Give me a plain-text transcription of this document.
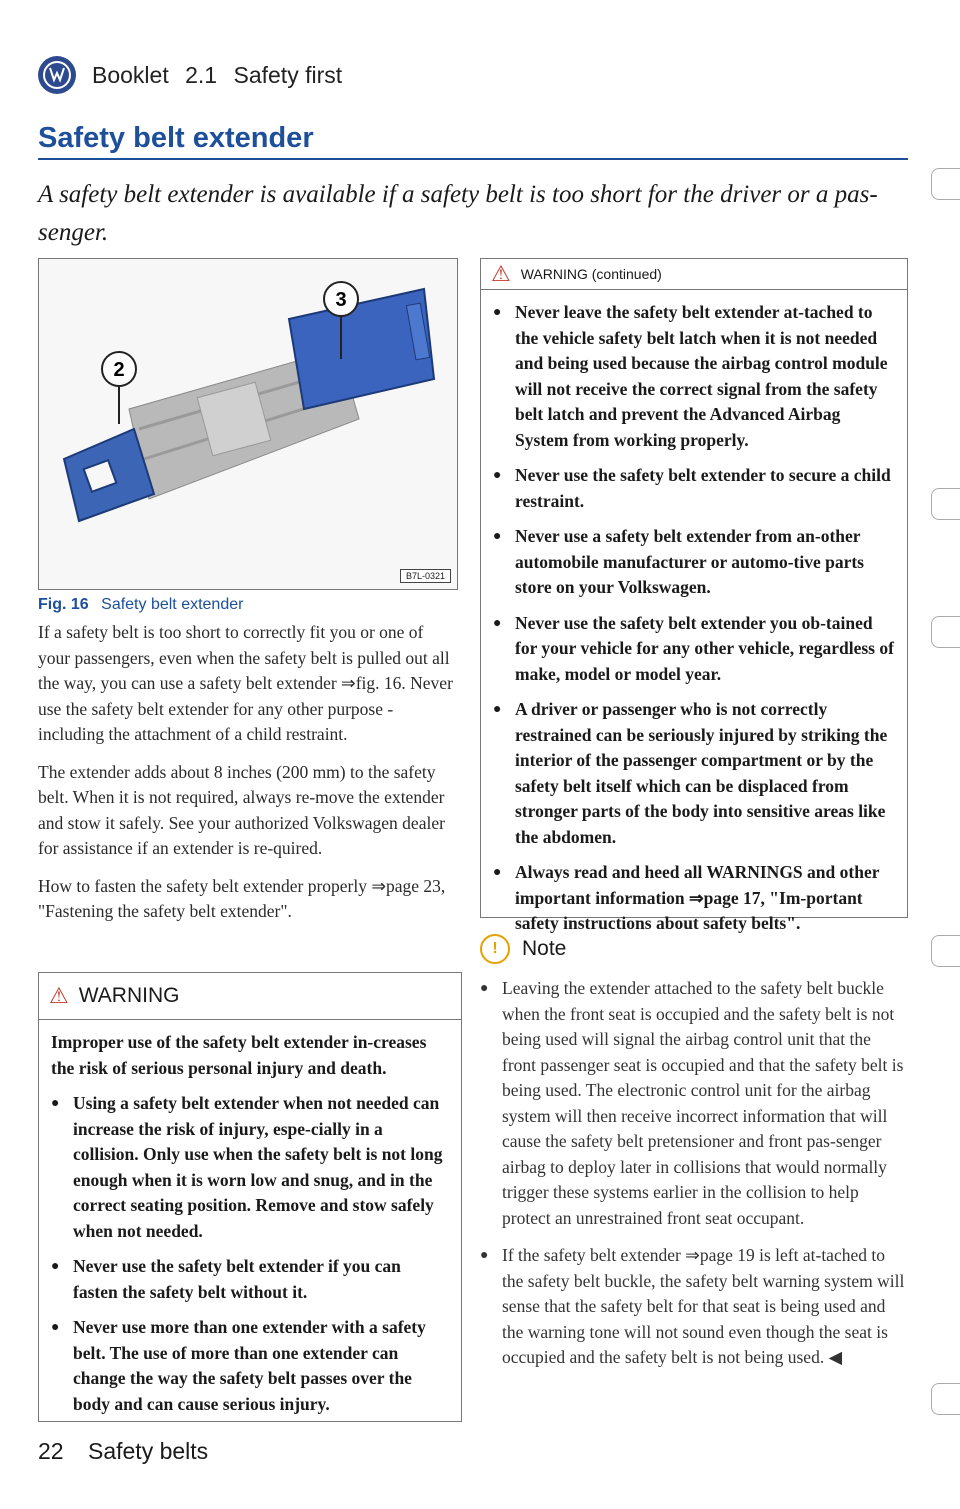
Booklet 2.1 Safety first
Safety belt extender
A safety belt extender is available if a safety belt is too short for the driver or a pas-senger.
2
3
B7L-0321
Fig. 16 Safety belt extender

If a safety belt is too short to correctly fit you or one of your passengers, even when the safety belt is pulled out all the way, you can use a safety belt extender ⇒fig. 16. Never use the safety belt extender for any other purpose - including the attachment of a child restraint.

The extender adds about 8 inches (200 mm) to the safety belt. When it is not required, always re-move the extender and stow it safely. See your authorized Volkswagen dealer for assistance if an extender is re-quired.

How to fasten the safety belt extender properly ⇒page 23, "Fastening the safety belt extender".

⚠ WARNING

Improper use of the safety belt extender in-creases the risk of serious personal injury and death.

● Using a safety belt extender when not needed can increase the risk of injury, espe-cially in a collision. Only use when the safety belt is not long enough when it is worn low and snug, and in the correct seating position. Remove and stow safely when not needed.

● Never use the safety belt extender if you can fasten the safety belt without it.

● Never use more than one extender with a safety belt. The use of more than one extender can change the way the safety belt passes over the body and can cause serious injury.

22 Safety belts
⚠ WARNING (continued)
● Never leave the safety belt extender at-tached to the vehicle safety belt latch when it is not needed and being used because the airbag control module will not receive the correct signal from the safety belt latch and prevent the Advanced Airbag System from working properly.

● Never use the safety belt extender to secure a child restraint.

● Never use a safety belt extender from an-other automobile manufacturer or automo-tive parts store on your Volkswagen.

● Never use the safety belt extender you ob-tained for your vehicle for any other vehicle, regardless of make, model or model year.

● A driver or passenger who is not correctly restrained can be seriously injured by striking the interior of the passenger compartment or by the safety belt itself which can be displaced from stronger parts of the body into sensitive areas like the abdomen.

● Always read and heed all WARNINGS and other important information ⇒page 17, "Im-portant safety instructions about safety belts".

!	Note
● Leaving the extender attached to the safety belt buckle when the front seat is occupied and the safety belt is not being used will signal the airbag control unit that the front passenger seat is occupied and that the safety belt is being used. The electronic control unit for the airbag system will then receive incorrect information that will cause the safety belt pretensioner and front pas-senger airbag to deploy later in collisions that would normally trigger these systems earlier in the collision to help protect an unrestrained front seat occupant.
● If the safety belt extender ⇒page 19 is left at-tached to the safety belt buckle, the safety belt warning system will sense that the safety belt for that seat is being used and the warning tone will not sound even though the seat is occupied and the safety belt is not being used. ◀
